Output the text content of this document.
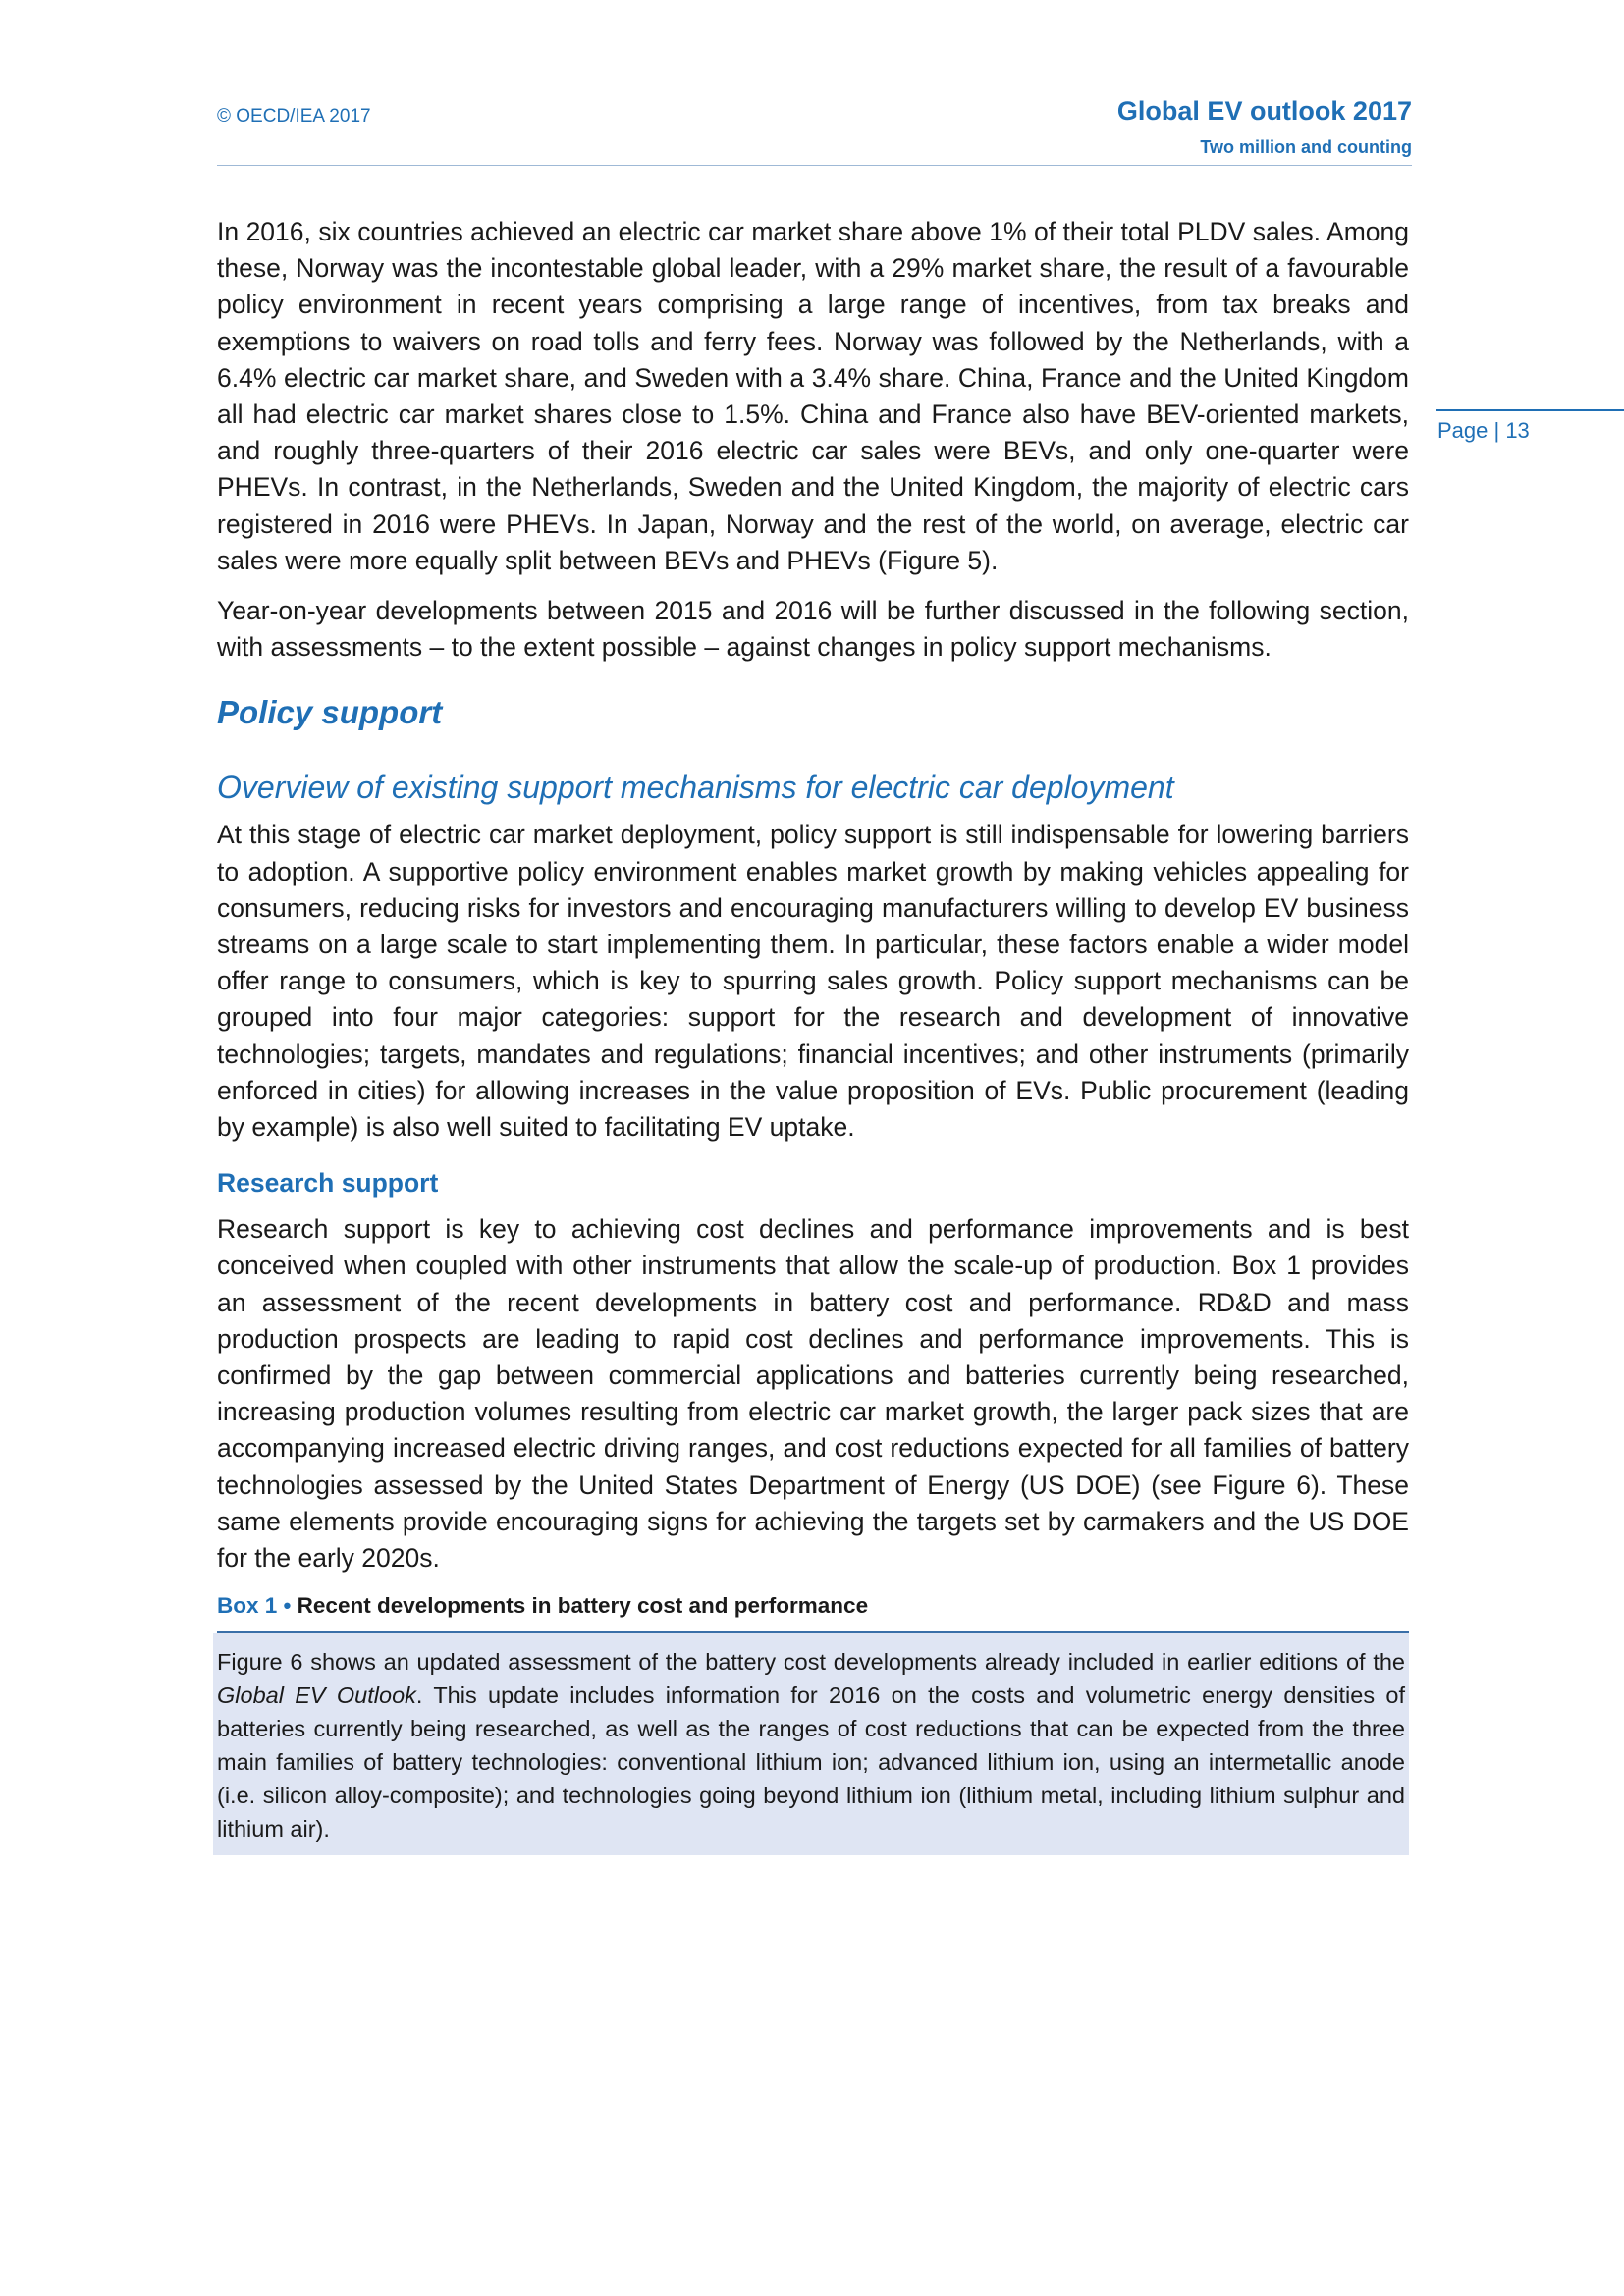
© OECD/IEA 2017	Global EV outlook 2017
Two million and counting
Page | 13

In 2016, six countries achieved an electric car market share above 1% of their total PLDV sales. Among these, Norway was the incontestable global leader, with a 29% market share, the result of a favourable policy environment in recent years comprising a large range of incentives, from tax breaks and exemptions to waivers on road tolls and ferry fees. Norway was followed by the Netherlands, with a 6.4% electric car market share, and Sweden with a 3.4% share. China, France and the United Kingdom all had electric car market shares close to 1.5%. China and France also have BEV-oriented markets, and roughly three-quarters of their 2016 electric car sales were BEVs, and only one-quarter were PHEVs. In contrast, in the Netherlands, Sweden and the United Kingdom, the majority of electric cars registered in 2016 were PHEVs. In Japan, Norway and the rest of the world, on average, electric car sales were more equally split between BEVs and PHEVs (Figure 5).

Year-on-year developments between 2015 and 2016 will be further discussed in the following section, with assessments – to the extent possible – against changes in policy support mechanisms.

Policy support
Overview of existing support mechanisms for electric car deployment

At this stage of electric car market deployment, policy support is still indispensable for lowering barriers to adoption. A supportive policy environment enables market growth by making vehicles appealing for consumers, reducing risks for investors and encouraging manufacturers willing to develop EV business streams on a large scale to start implementing them. In particular, these factors enable a wider model offer range to consumers, which is key to spurring sales growth. Policy support mechanisms can be grouped into four major categories: support for the research and development of innovative technologies; targets, mandates and regulations; financial incentives; and other instruments (primarily enforced in cities) for allowing increases in the value proposition of EVs. Public procurement (leading by example) is also well suited to facilitating EV uptake.

Research support

Research support is key to achieving cost declines and performance improvements and is best conceived when coupled with other instruments that allow the scale-up of production. Box 1 provides an assessment of the recent developments in battery cost and performance. RD&D and mass production prospects are leading to rapid cost declines and performance improvements. This is confirmed by the gap between commercial applications and batteries currently being researched, increasing production volumes resulting from electric car market growth, the larger pack sizes that are accompanying increased electric driving ranges, and cost reductions expected for all families of battery technologies assessed by the United States Department of Energy (US DOE) (see Figure 6). These same elements provide encouraging signs for achieving the targets set by carmakers and the US DOE for the early 2020s.

Box 1 • Recent developments in battery cost and performance
Figure 6 shows an updated assessment of the battery cost developments already included in earlier editions of the Global EV Outlook. This update includes information for 2016 on the costs and volumetric energy densities of batteries currently being researched, as well as the ranges of cost reductions that can be expected from the three main families of battery technologies: conventional lithium ion; advanced lithium ion, using an intermetallic anode (i.e. silicon alloy-composite); and technologies going beyond lithium ion (lithium metal, including lithium sulphur and lithium air).
